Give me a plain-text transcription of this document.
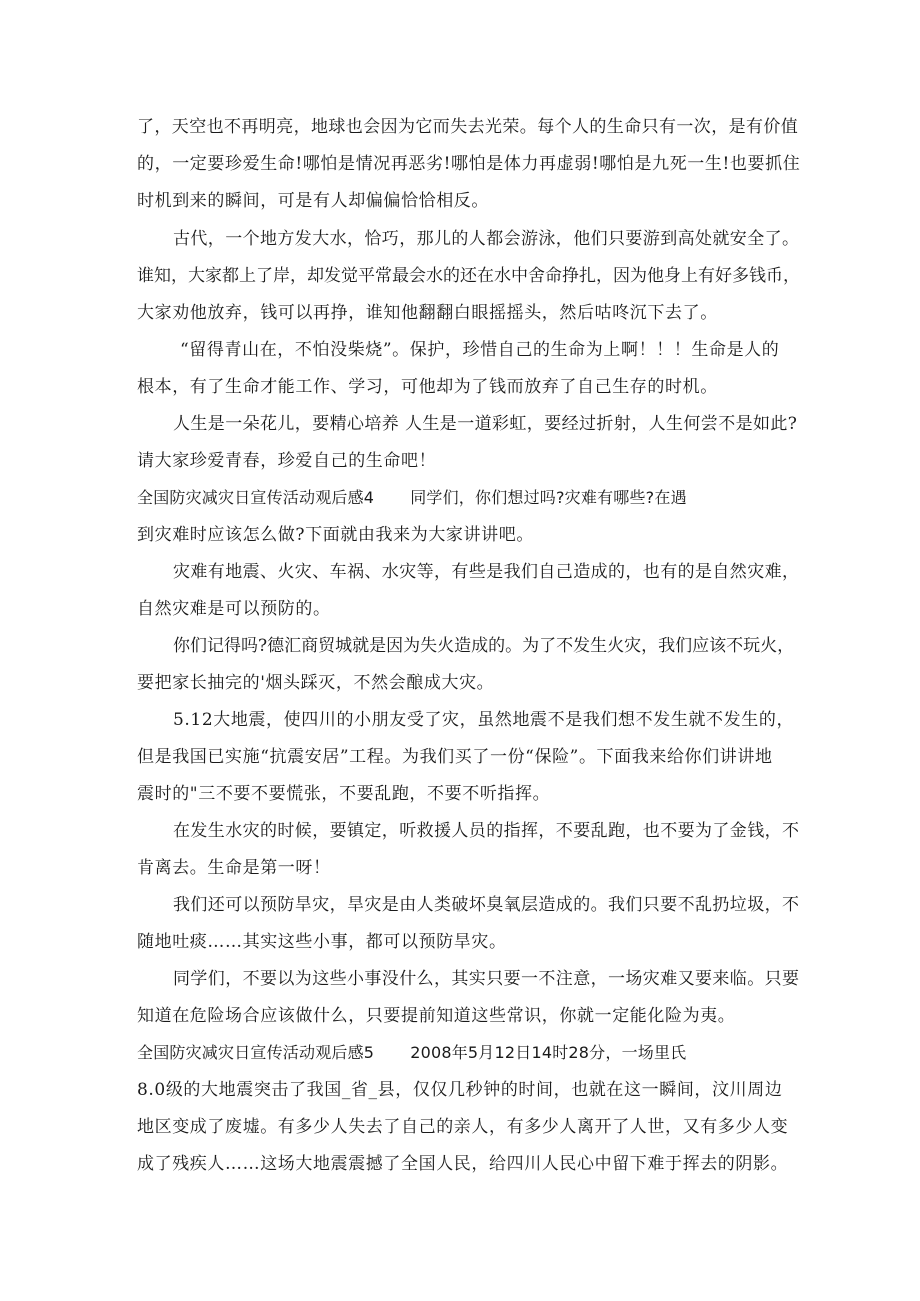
了，天空也不再明亮，地球也会因为它而失去光荣。每个人的生命只有一次，是有价值
的，一定要珍爱生命!哪怕是情况再恶劣!哪怕是体力再虚弱!哪怕是九死一生!也要抓住
时机到来的瞬间，可是有人却偏偏恰恰相反。
古代，一个地方发大水，恰巧，那儿的人都会游泳，他们只要游到高处就安全了。
谁知，大家都上了岸，却发觉平常最会水的还在水中舍命挣扎，因为他身上有好多钱币，
大家劝他放弃，钱可以再挣，谁知他翻翻白眼摇摇头，然后咕咚沉下去了。
“留得青山在，不怕没柴烧”。保护，珍惜自己的生命为上啊！！！生命是人的
根本，有了生命才能工作、学习，可他却为了钱而放弃了自己生存的时机。
人生是一朵花儿，要精心培养 人生是一道彩虹，要经过折射，人生何尝不是如此?
请大家珍爱青春，珍爱自己的生命吧！
全国防灾减灾日宣传活动观后感4 同学们，你们想过吗?灾难有哪些?在遇
到灾难时应该怎么做?下面就由我来为大家讲讲吧。
灾难有地震、火灾、车祸、水灾等，有些是我们自己造成的，也有的是自然灾难，
自然灾难是可以预防的。
你们记得吗?德汇商贸城就是因为失火造成的。为了不发生火灾，我们应该不玩火，
要把家长抽完的'烟头踩灭，不然会酿成大灾。
5.12大地震，使四川的小朋友受了灾，虽然地震不是我们想不发生就不发生的，
但是我国已实施“抗震安居”工程。为我们买了一份“保险”。下面我来给你们讲讲地
震时的"三不要不要慌张，不要乱跑，不要不听指挥。
在发生水灾的时候，要镇定，听救援人员的指挥，不要乱跑，也不要为了金钱，不
肯离去。生命是第一呀！
我们还可以预防旱灾，旱灾是由人类破坏臭氧层造成的。我们只要不乱扔垃圾，不
随地吐痰……其实这些小事，都可以预防旱灾。
同学们，不要以为这些小事没什么，其实只要一不注意，一场灾难又要来临。只要
知道在危险场合应该做什么，只要提前知道这些常识，你就一定能化险为夷。
全国防灾减灾日宣传活动观后感5 2008年5月12日14时28分，一场里氏
8.0级的大地震突击了我国_省_县，仅仅几秒钟的时间，也就在这一瞬间，汶川周边
地区变成了废墟。有多少人失去了自己的亲人，有多少人离开了人世，又有多少人变
成了残疾人……这场大地震震撼了全国人民，给四川人民心中留下难于挥去的阴影。
